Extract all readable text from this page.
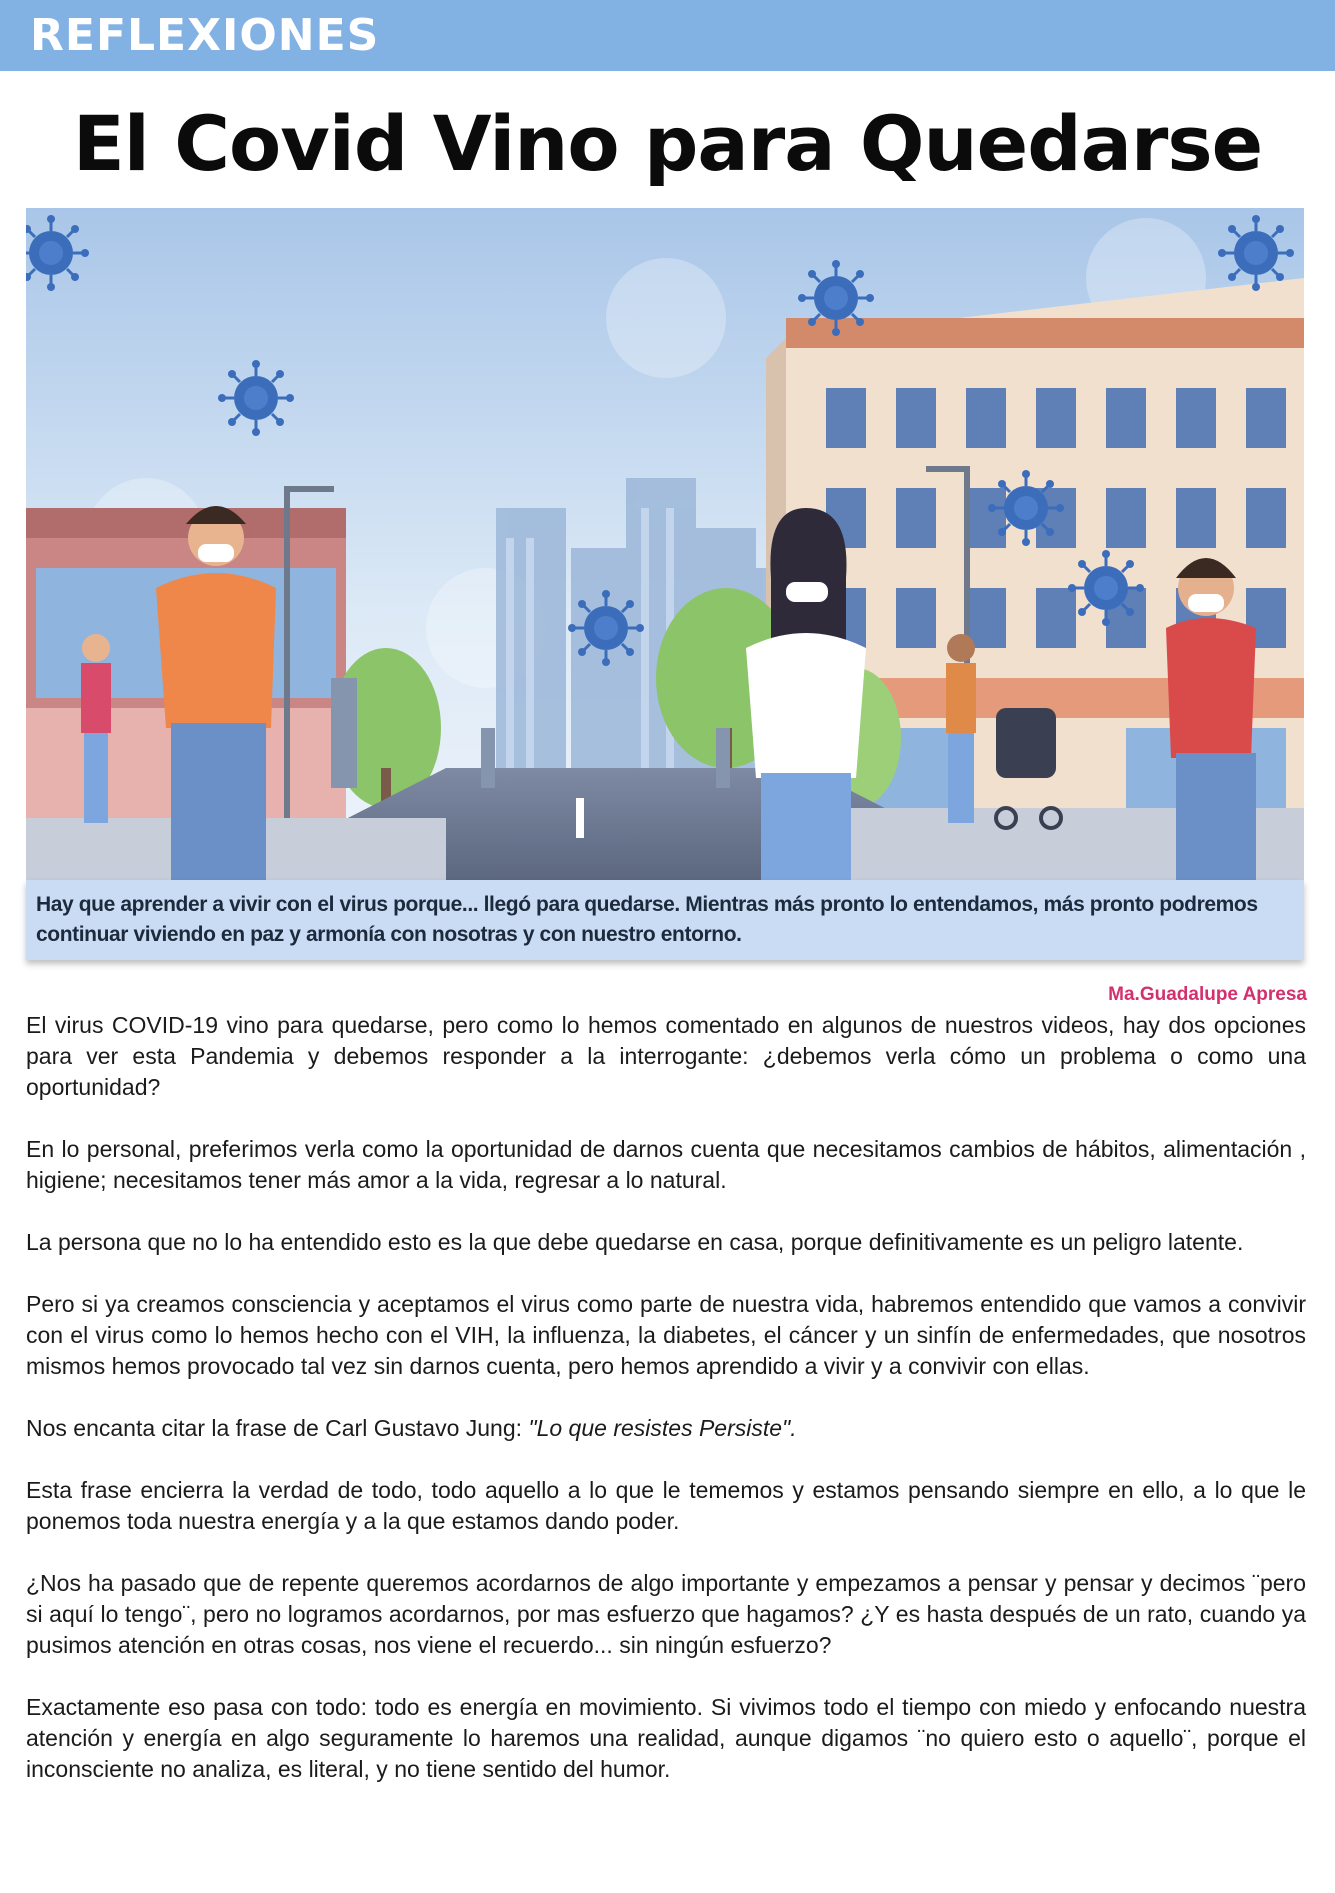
REFLEXIONES
El Covid Vino para Quedarse
Hay que aprender a vivir con el virus porque... llegó para quedarse. Mientras más pronto lo entendamos, más pronto podremos continuar viviendo en paz y armonía con nosotras y con nuestro entorno.
Ma.Guadalupe Apresa

El virus COVID-19 vino para quedarse, pero como lo hemos comentado en algunos de nuestros videos, hay dos opciones para ver esta Pandemia y debemos responder a la interrogante: ¿debemos verla cómo un problema o como una oportunidad?

En lo personal, preferimos verla como la oportunidad de darnos cuenta que necesitamos cambios de hábitos, alimentación , higiene; necesitamos tener más amor a la vida, regresar a lo natural.

La persona que no lo ha entendido esto es la que debe quedarse en casa, porque definitivamente es un peligro latente.

Pero si ya creamos consciencia y aceptamos el virus como parte de nuestra vida, habremos entendido que vamos a convivir con el virus como lo hemos hecho con el VIH, la influenza, la diabetes, el cáncer y un sinfín de enfermedades, que nosotros mismos hemos provocado tal vez sin darnos cuenta, pero hemos aprendido a vivir y a convivir con ellas.

Nos encanta citar la frase de Carl Gustavo Jung: "Lo que resistes Persiste".

Esta frase encierra la verdad de todo, todo aquello a lo que le tememos y estamos pensando siempre en ello, a lo que le ponemos toda nuestra energía y a la que estamos dando poder.

¿Nos ha pasado que de repente queremos acordarnos de algo importante y empezamos a pensar y pensar y decimos ¨pero si aquí lo tengo¨, pero no logramos acordarnos, por mas esfuerzo que hagamos? ¿Y es hasta después de un rato, cuando ya pusimos atención en otras cosas, nos viene el recuerdo... sin ningún esfuerzo?

Exactamente eso pasa con todo: todo es energía en movimiento. Si vivimos todo el tiempo con miedo y enfocando nuestra atención y energía en algo seguramente lo haremos una realidad, aunque digamos ¨no quiero esto o aquello¨, porque el inconsciente no analiza, es literal, y no tiene sentido del humor.
